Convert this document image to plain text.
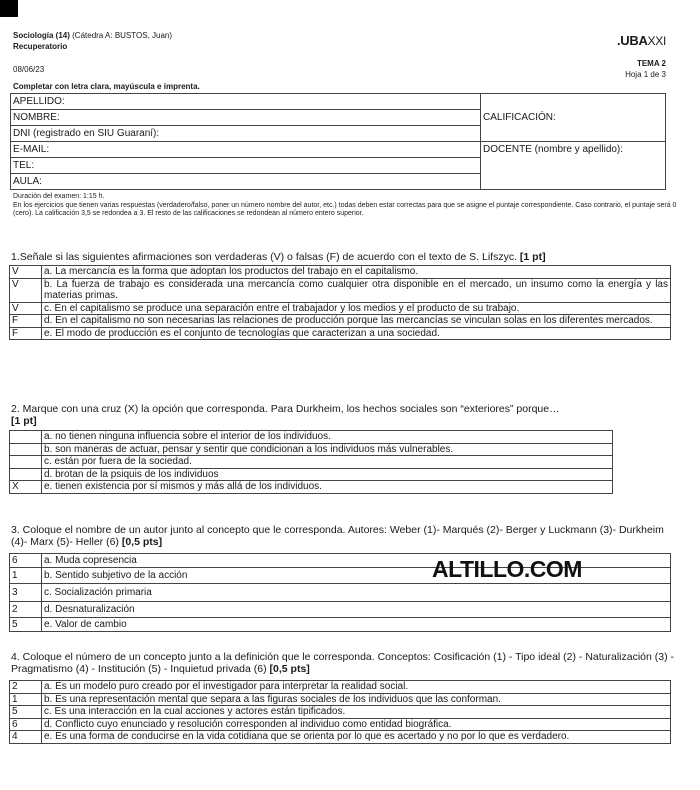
Sociología (14) (Cátedra A: BUSTOS, Juan)
Recuperatorio	.UBAXXI
08/06/23
TEMA 2
Hoja 1 de 3
Completar con letra clara, mayúscula e imprenta.
APELLIDO:	CALIFICACIÓN:
NOMBRE:	
DNI (registrado en SIU Guaraní):	
E-MAIL:	DOCENTE (nombre y apellido):
TEL:	
AULA:	
Duración del examen: 1:15 h.
En los ejercicios que tienen varias respuestas (verdadero/falso, poner un número nombre del autor, etc.) todas deben estar correctas para que se asigne el puntaje correspondiente. Caso contrario, el puntaje será 0 (cero). La calificación 3,5 se redondea a 3. El resto de las calificaciones se redondean al número entero superior.
1.Señale si las siguientes afirmaciones son verdaderas (V) o falsas (F) de acuerdo con el texto de S. Lifszyc. [1 pt]
V	a. La mercancía es la forma que adoptan los productos del trabajo en el capitalismo.
V	b. La fuerza de trabajo es considerada una mercancía como cualquier otra disponible en el mercado, un insumo como la energía y las materias primas.
V	c. En el capitalismo se produce una separación entre el trabajador y los medios y el producto de su trabajo.
F	d. En el capitalismo no son necesarias las relaciones de producción porque las mercancías se vinculan solas en los diferentes mercados.
F	e. El modo de producción es el conjunto de tecnologías que caracterizan a una sociedad.
2. Marque con una cruz (X) la opción que corresponda. Para Durkheim, los hechos sociales son “exteriores” porque…
[1 pt]
	a. no tienen ninguna influencia sobre el interior de los individuos.
	b. son maneras de actuar, pensar y sentir que condicionan a los individuos más vulnerables.
	c. están por fuera de la sociedad.
	d. brotan de la psiquis de los individuos
X	e. tienen existencia por sí mismos y más allá de los individuos.
3. Coloque el nombre de un autor junto al concepto que le corresponda. Autores: Weber (1)- Marqués (2)- Berger y Luckmann (3)- Durkheim (4)- Marx (5)- Heller (6) [0,5 pts]
6	a. Muda copresencia
1	b. Sentido subjetivo de la acción
3	c. Socialización primaria
2	d. Desnaturalización
5	e. Valor de cambio
ALTILLO.COM
4. Coloque el número de un concepto junto a la definición que le corresponda. Conceptos: Cosificación (1) - Tipo ideal (2) - Naturalización (3) - Pragmatismo (4) - Institución (5) - Inquietud privada (6) [0,5 pts]
2	a. Es un modelo puro creado por el investigador para interpretar la realidad social.
1	b. Es una representación mental que separa a las figuras sociales de los individuos que las conforman.
5	c. Es una interacción en la cual acciones y actores están tipificados.
6	d. Conflicto cuyo enunciado y resolución corresponden al individuo como entidad biográfica.
4	e. Es una forma de conducirse en la vida cotidiana que se orienta por lo que es acertado y no por lo que es verdadero.
